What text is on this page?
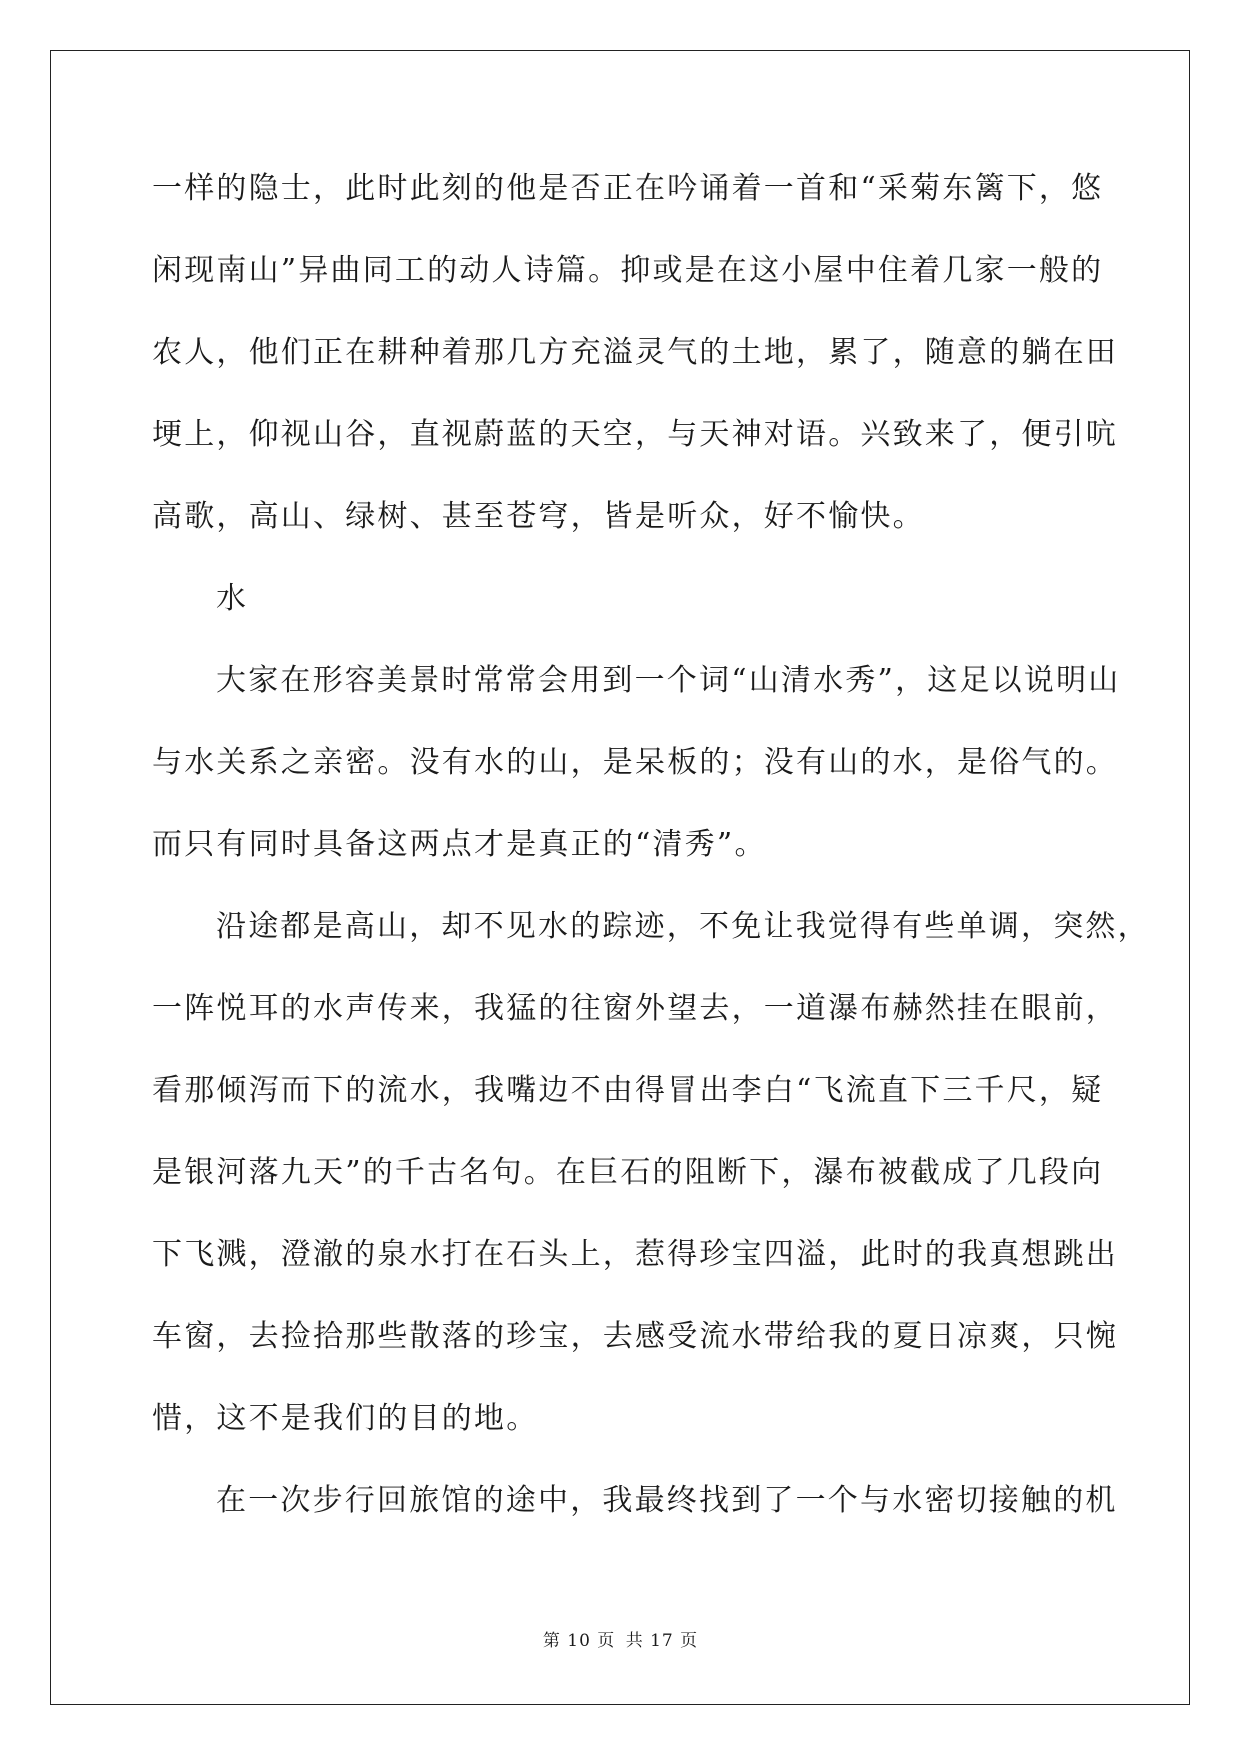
一样的隐士，此时此刻的他是否正在吟诵着一首和“采菊东篱下，悠
闲现南山”异曲同工的动人诗篇。抑或是在这小屋中住着几家一般的
农人，他们正在耕种着那几方充溢灵气的土地，累了，随意的躺在田
埂上，仰视山谷，直视蔚蓝的天空，与天神对语。兴致来了，便引吭
高歌，高山、绿树、甚至苍穹，皆是听众，好不愉快。
水
大家在形容美景时常常会用到一个词“山清水秀”，这足以说明山
与水关系之亲密。没有水的山，是呆板的；没有山的水，是俗气的。
而只有同时具备这两点才是真正的“清秀”。
沿途都是高山，却不见水的踪迹，不免让我觉得有些单调，突然，
一阵悦耳的水声传来，我猛的往窗外望去，一道瀑布赫然挂在眼前，
看那倾泻而下的流水，我嘴边不由得冒出李白“飞流直下三千尺，疑
是银河落九天”的千古名句。在巨石的阻断下，瀑布被截成了几段向
下飞溅，澄澈的泉水打在石头上，惹得珍宝四溢，此时的我真想跳出
车窗，去捡拾那些散落的珍宝，去感受流水带给我的夏日凉爽，只惋
惜，这不是我们的目的地。
在一次步行回旅馆的途中，我最终找到了一个与水密切接触的机
第 10 页 共 17 页
